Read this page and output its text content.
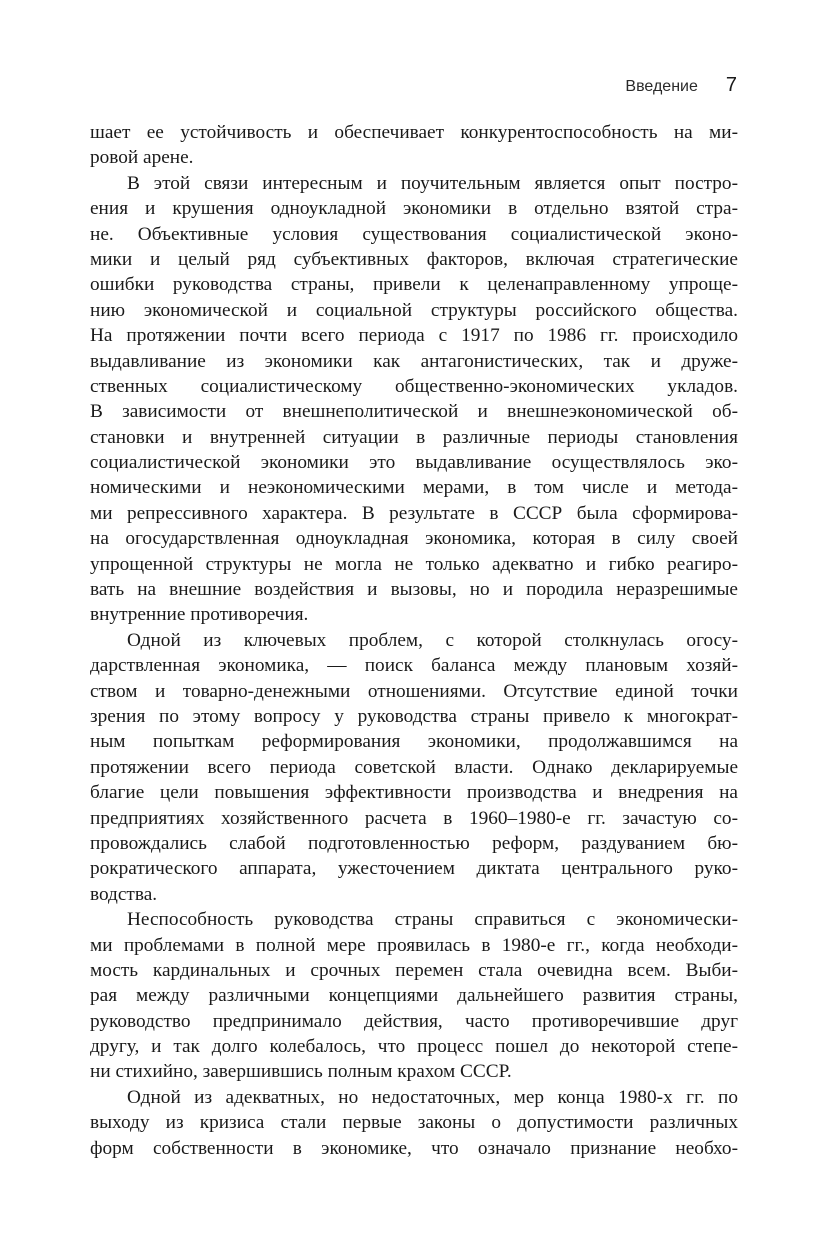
Введение 7
шает ее устойчивость и обеспечивает конкурентоспособность на ми-
ровой арене.
В этой связи интересным и поучительным является опыт постро-
ения и крушения одноукладной экономики в отдельно взятой стра-
не. Объективные условия существования социалистической эконо-
мики и целый ряд субъективных факторов, включая стратегические
ошибки руководства страны, привели к целенаправленному упроще-
нию экономической и социальной структуры российского общества.
На протяжении почти всего периода с 1917 по 1986 гг. происходило
выдавливание из экономики как антагонистических, так и друже-
ственных социалистическому общественно-экономических укладов.
В зависимости от внешнеполитической и внешнеэкономической об-
становки и внутренней ситуации в различные периоды становления
социалистической экономики это выдавливание осуществлялось эко-
номическими и неэкономическими мерами, в том числе и метода-
ми репрессивного характера. В результате в СССР была сформирова-
на огосударствленная одноукладная экономика, которая в силу своей
упрощенной структуры не могла не только адекватно и гибко реагиро-
вать на внешние воздействия и вызовы, но и породила неразрешимые
внутренние противоречия.
Одной из ключевых проблем, с которой столкнулась огосу-
дарствленная экономика, — поиск баланса между плановым хозяй-
ством и товарно-денежными отношениями. Отсутствие единой точки
зрения по этому вопросу у руководства страны привело к многократ-
ным попыткам реформирования экономики, продолжавшимся на
протяжении всего периода советской власти. Однако декларируемые
благие цели повышения эффективности производства и внедрения на
предприятиях хозяйственного расчета в 1960–1980-е гг. зачастую со-
провождались слабой подготовленностью реформ, раздуванием бю-
рократического аппарата, ужесточением диктата центрального руко-
водства.
Неспособность руководства страны справиться с экономически-
ми проблемами в полной мере проявилась в 1980-е гг., когда необходи-
мость кардинальных и срочных перемен стала очевидна всем. Выби-
рая между различными концепциями дальнейшего развития страны,
руководство предпринимало действия, часто противоречившие друг
другу, и так долго колебалось, что процесс пошел до некоторой степе-
ни стихийно, завершившись полным крахом СССР.
Одной из адекватных, но недостаточных, мер конца 1980-х гг. по
выходу из кризиса стали первые законы о допустимости различных
форм собственности в экономике, что означало признание необхо-
